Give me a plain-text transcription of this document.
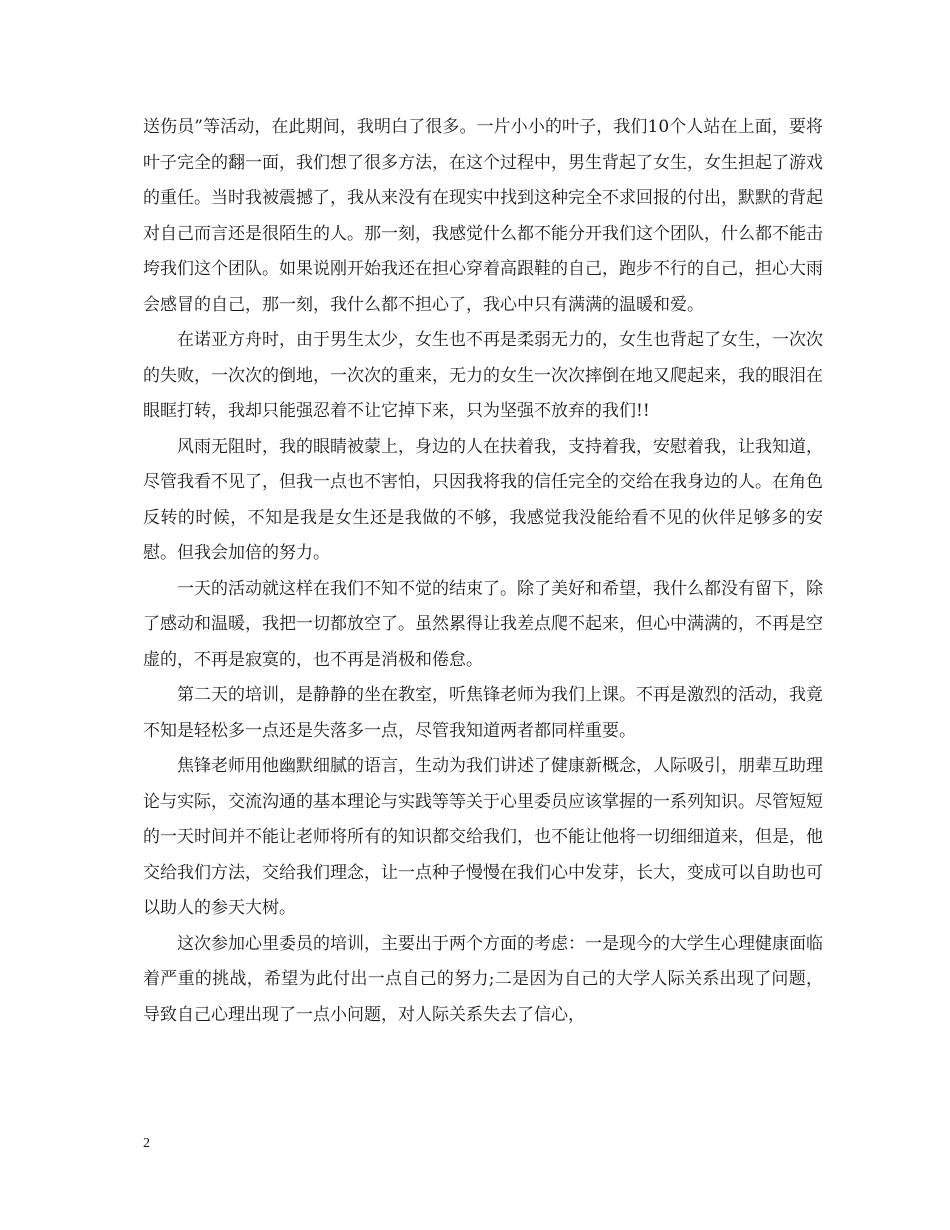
送伤员”等活动，在此期间，我明白了很多。一片小小的叶子，我们10个人站在上面，要将叶子完全的翻一面，我们想了很多方法，在这个过程中，男生背起了女生，女生担起了游戏的重任。当时我被震撼了，我从来没有在现实中找到这种完全不求回报的付出，默默的背起对自己而言还是很陌生的人。那一刻，我感觉什么都不能分开我们这个团队，什么都不能击垮我们这个团队。如果说刚开始我还在担心穿着高跟鞋的自己，跑步不行的自己，担心大雨会感冒的自己，那一刻，我什么都不担心了，我心中只有满满的温暖和爱。

在诺亚方舟时，由于男生太少，女生也不再是柔弱无力的，女生也背起了女生，一次次的失败，一次次的倒地，一次次的重来，无力的女生一次次摔倒在地又爬起来，我的眼泪在眼眶打转，我却只能强忍着不让它掉下来，只为坚强不放弃的我们!!

风雨无阻时，我的眼睛被蒙上，身边的人在扶着我，支持着我，安慰着我，让我知道，尽管我看不见了，但我一点也不害怕，只因我将我的信任完全的交给在我身边的人。在角色反转的时候，不知是我是女生还是我做的不够，我感觉我没能给看不见的伙伴足够多的安慰。但我会加倍的努力。

一天的活动就这样在我们不知不觉的结束了。除了美好和希望，我什么都没有留下，除了感动和温暖，我把一切都放空了。虽然累得让我差点爬不起来，但心中满满的，不再是空虚的，不再是寂寞的，也不再是消极和倦怠。

第二天的培训，是静静的坐在教室，听焦锋老师为我们上课。不再是激烈的活动，我竟不知是轻松多一点还是失落多一点，尽管我知道两者都同样重要。

焦锋老师用他幽默细腻的语言，生动为我们讲述了健康新概念，人际吸引，朋辈互助理论与实际，交流沟通的基本理论与实践等等关于心里委员应该掌握的一系列知识。尽管短短的一天时间并不能让老师将所有的知识都交给我们，也不能让他将一切细细道来，但是，他交给我们方法，交给我们理念，让一点种子慢慢在我们心中发芽，长大，变成可以自助也可以助人的参天大树。

这次参加心里委员的培训，主要出于两个方面的考虑：一是现今的大学生心理健康面临着严重的挑战，希望为此付出一点自己的努力;二是因为自己的大学人际关系出现了问题，导致自己心理出现了一点小问题，对人际关系失去了信心，

2
